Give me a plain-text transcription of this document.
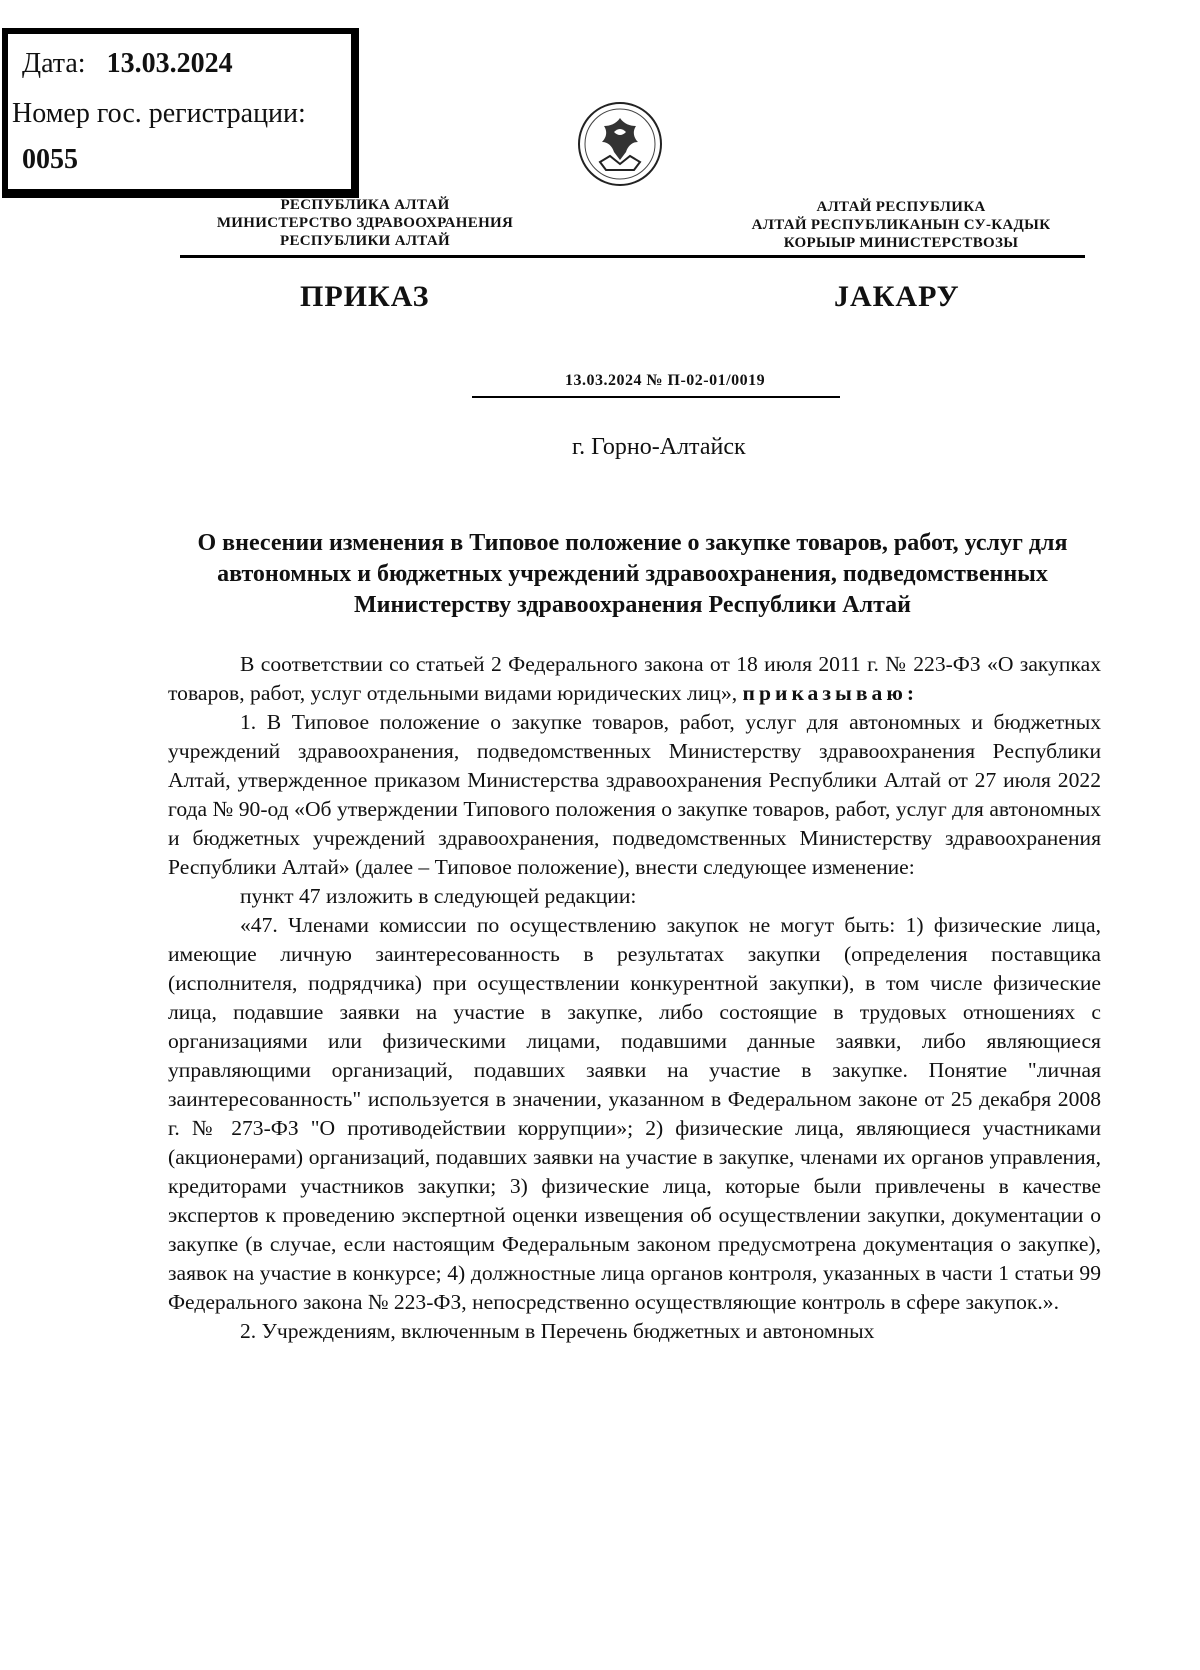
Дата: 13.03.2024
Номер гос. регистрации:
0055
РЕСПУБЛИКА АЛТАЙ
МИНИСТЕРСТВО ЗДРАВООХРАНЕНИЯ
РЕСПУБЛИКИ АЛТАЙ
АЛТАЙ РЕСПУБЛИКА
АЛТАЙ РЕСПУБЛИКАНЫН СУ-КАДЫК
КОРЫЫР МИНИСТЕРСТВОЗЫ
ПРИКАЗ	JАКАРУ
13.03.2024 № П-02-01/0019
г. Горно-Алтайск
О внесении изменения в Типовое положение о закупке товаров, работ, услуг для автономных и бюджетных учреждений здравоохранения, подведомственных Министерству здравоохранения Республики Алтай

В соответствии со статьей 2 Федерального закона от 18 июля 2011 г. № 223-ФЗ «О закупках товаров, работ, услуг отдельными видами юридических лиц», приказываю:

1. В Типовое положение о закупке товаров, работ, услуг для автономных и бюджетных учреждений здравоохранения, подведомственных Министерству здравоохранения Республики Алтай, утвержденное приказом Министерства здравоохранения Республики Алтай от 27 июля 2022 года № 90-од «Об утверждении Типового положения о закупке товаров, работ, услуг для автономных и бюджетных учреждений здравоохранения, подведомственных Министерству здравоохранения Республики Алтай» (далее – Типовое положение), внести следующее изменение:

пункт 47 изложить в следующей редакции:

«47. Членами комиссии по осуществлению закупок не могут быть: 1) физические лица, имеющие личную заинтересованность в результатах закупки (определения поставщика (исполнителя, подрядчика) при осуществлении конкурентной закупки), в том числе физические лица, подавшие заявки на участие в закупке, либо состоящие в трудовых отношениях с организациями или физическими лицами, подавшими данные заявки, либо являющиеся управляющими организаций, подавших заявки на участие в закупке. Понятие "личная заинтересованность" используется в значении, указанном в Федеральном законе от 25 декабря 2008 г. № 273-ФЗ "О противодействии коррупции»; 2) физические лица, являющиеся участниками (акционерами) организаций, подавших заявки на участие в закупке, членами их органов управления, кредиторами участников закупки; 3) физические лица, которые были привлечены в качестве экспертов к проведению экспертной оценки извещения об осуществлении закупки, документации о закупке (в случае, если настоящим Федеральным законом предусмотрена документация о закупке), заявок на участие в конкурсе; 4) должностные лица органов контроля, указанных в части 1 статьи 99 Федерального закона № 223-ФЗ, непосредственно осуществляющие контроль в сфере закупок.».

2. Учреждениям, включенным в Перечень бюджетных и автономных
